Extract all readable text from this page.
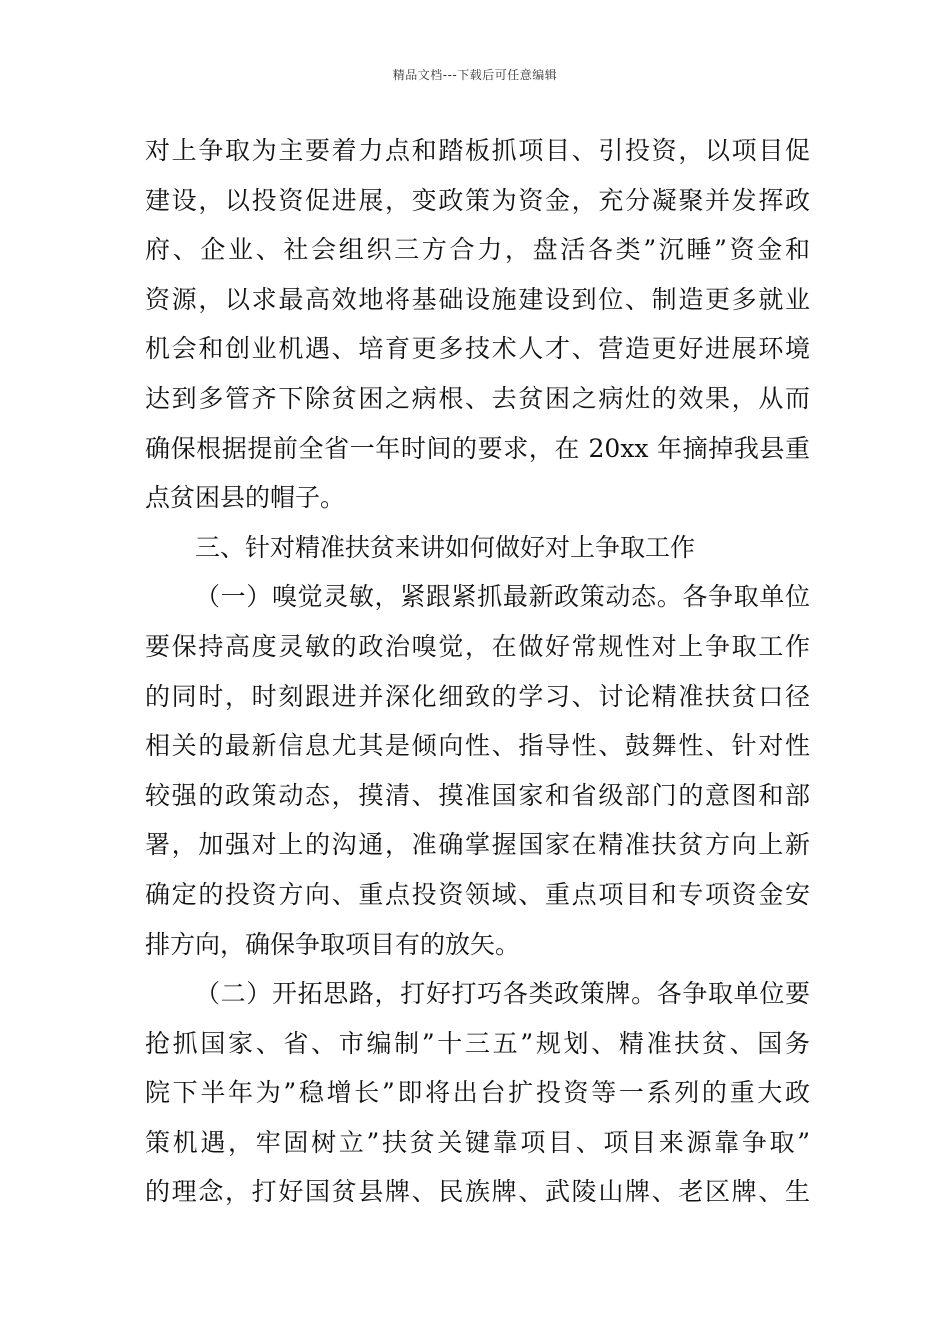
精品文档---下载后可任意编辑
对上争取为主要着力点和踏板抓项目、引投资，以项目促
建设，以投资促进展，变政策为资金，充分凝聚并发挥政
府、企业、社会组织三方合力，盘活各类”沉睡”资金和
资源，以求最高效地将基础设施建设到位、制造更多就业
机会和创业机遇、培育更多技术人才、营造更好进展环境
达到多管齐下除贫困之病根、去贫困之病灶的效果，从而
确保根据提前全省一年时间的要求，在 20xx 年摘掉我县重
点贫困县的帽子。
三、针对精准扶贫来讲如何做好对上争取工作
（一）嗅觉灵敏，紧跟紧抓最新政策动态。各争取单位
要保持高度灵敏的政治嗅觉，在做好常规性对上争取工作
的同时，时刻跟进并深化细致的学习、讨论精准扶贫口径
相关的最新信息尤其是倾向性、指导性、鼓舞性、针对性
较强的政策动态，摸清、摸准国家和省级部门的意图和部
署，加强对上的沟通，准确掌握国家在精准扶贫方向上新
确定的投资方向、重点投资领域、重点项目和专项资金安
排方向，确保争取项目有的放矢。
（二）开拓思路，打好打巧各类政策牌。各争取单位要
抢抓国家、省、市编制”十三五”规划、精准扶贫、国务
院下半年为”稳增长”即将出台扩投资等一系列的重大政
策机遇，牢固树立”扶贫关键靠项目、项目来源靠争取”
的理念，打好国贫县牌、民族牌、武陵山牌、老区牌、生
